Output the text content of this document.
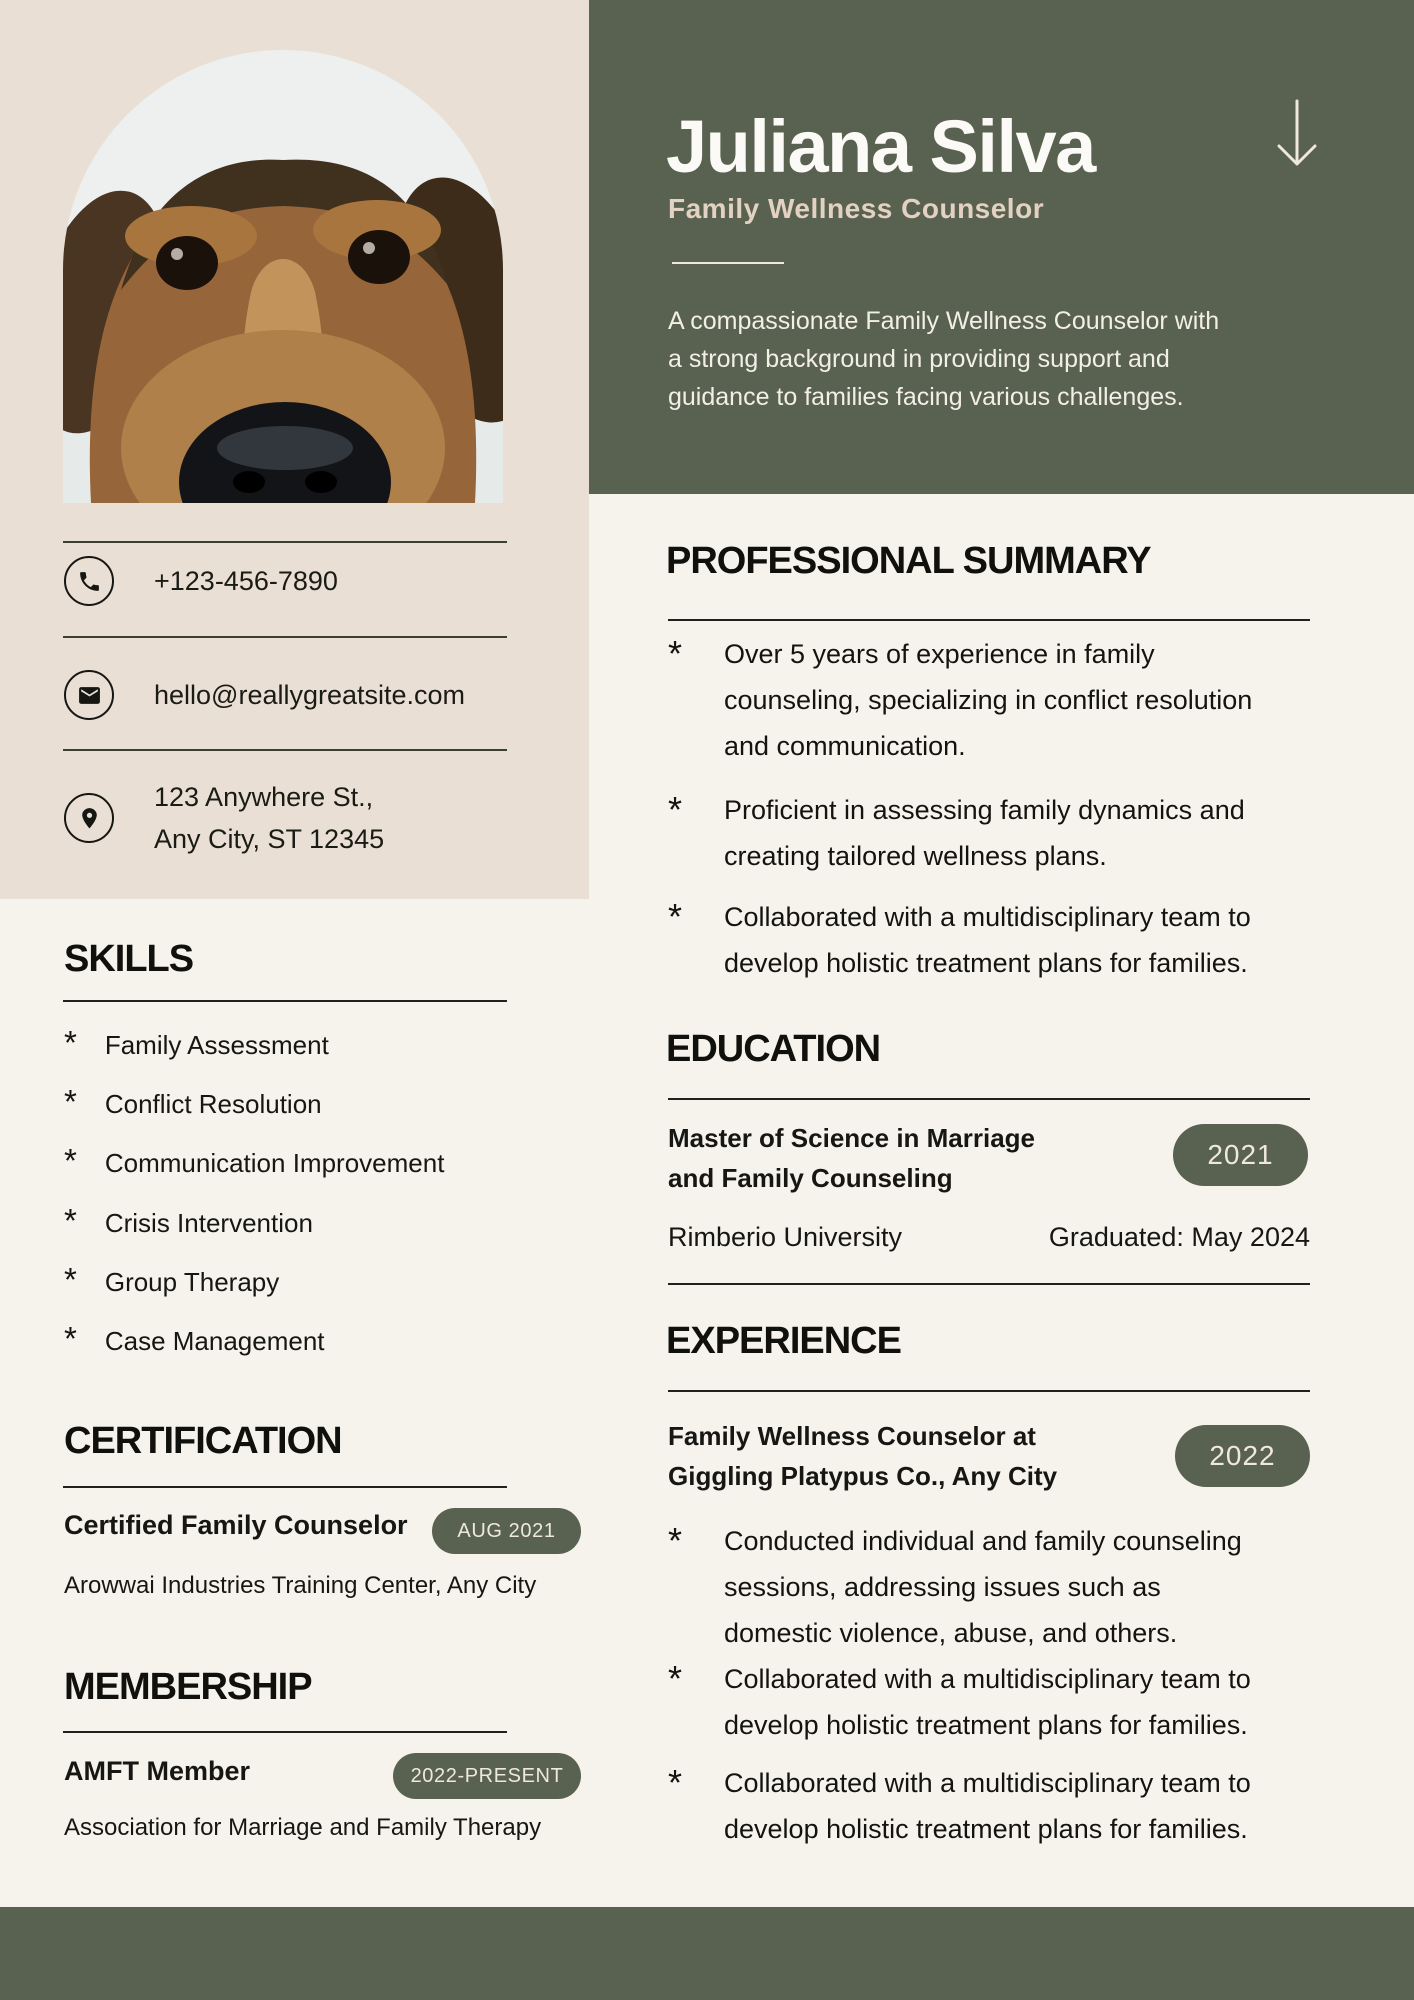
Juliana Silva
Family Wellness Counselor
A compassionate Family Wellness Counselor with
a strong background in providing support and
guidance to families facing various challenges.
+123-456-7890
hello@reallygreatsite.com
123 Anywhere St.,
Any City, ST 12345
SKILLS
* Family Assessment
* Conflict Resolution
* Communication Improvement
* Crisis Intervention
* Group Therapy
* Case Management
CERTIFICATION
Certified Family Counselor	AUG 2021
Arowwai Industries Training Center, Any City
MEMBERSHIP
AMFT Member	2022-PRESENT
Association for Marriage and Family Therapy
PROFESSIONAL SUMMARY
*	Over 5 years of experience in family
counseling, specializing in conflict resolution
and communication.
*	Proficient in assessing family dynamics and
creating tailored wellness plans.
*	Collaborated with a multidisciplinary team to
develop holistic treatment plans for families.
EDUCATION
Master of Science in Marriage
and Family Counseling
2021
Rimberio University	Graduated: May 2024
EXPERIENCE
Family Wellness Counselor at
Giggling Platypus Co., Any City
2022
*	Conducted individual and family counseling
sessions, addressing issues such as
domestic violence, abuse, and others.
*	Collaborated with a multidisciplinary team to
develop holistic treatment plans for families.
*	Collaborated with a multidisciplinary team to
develop holistic treatment plans for families.
